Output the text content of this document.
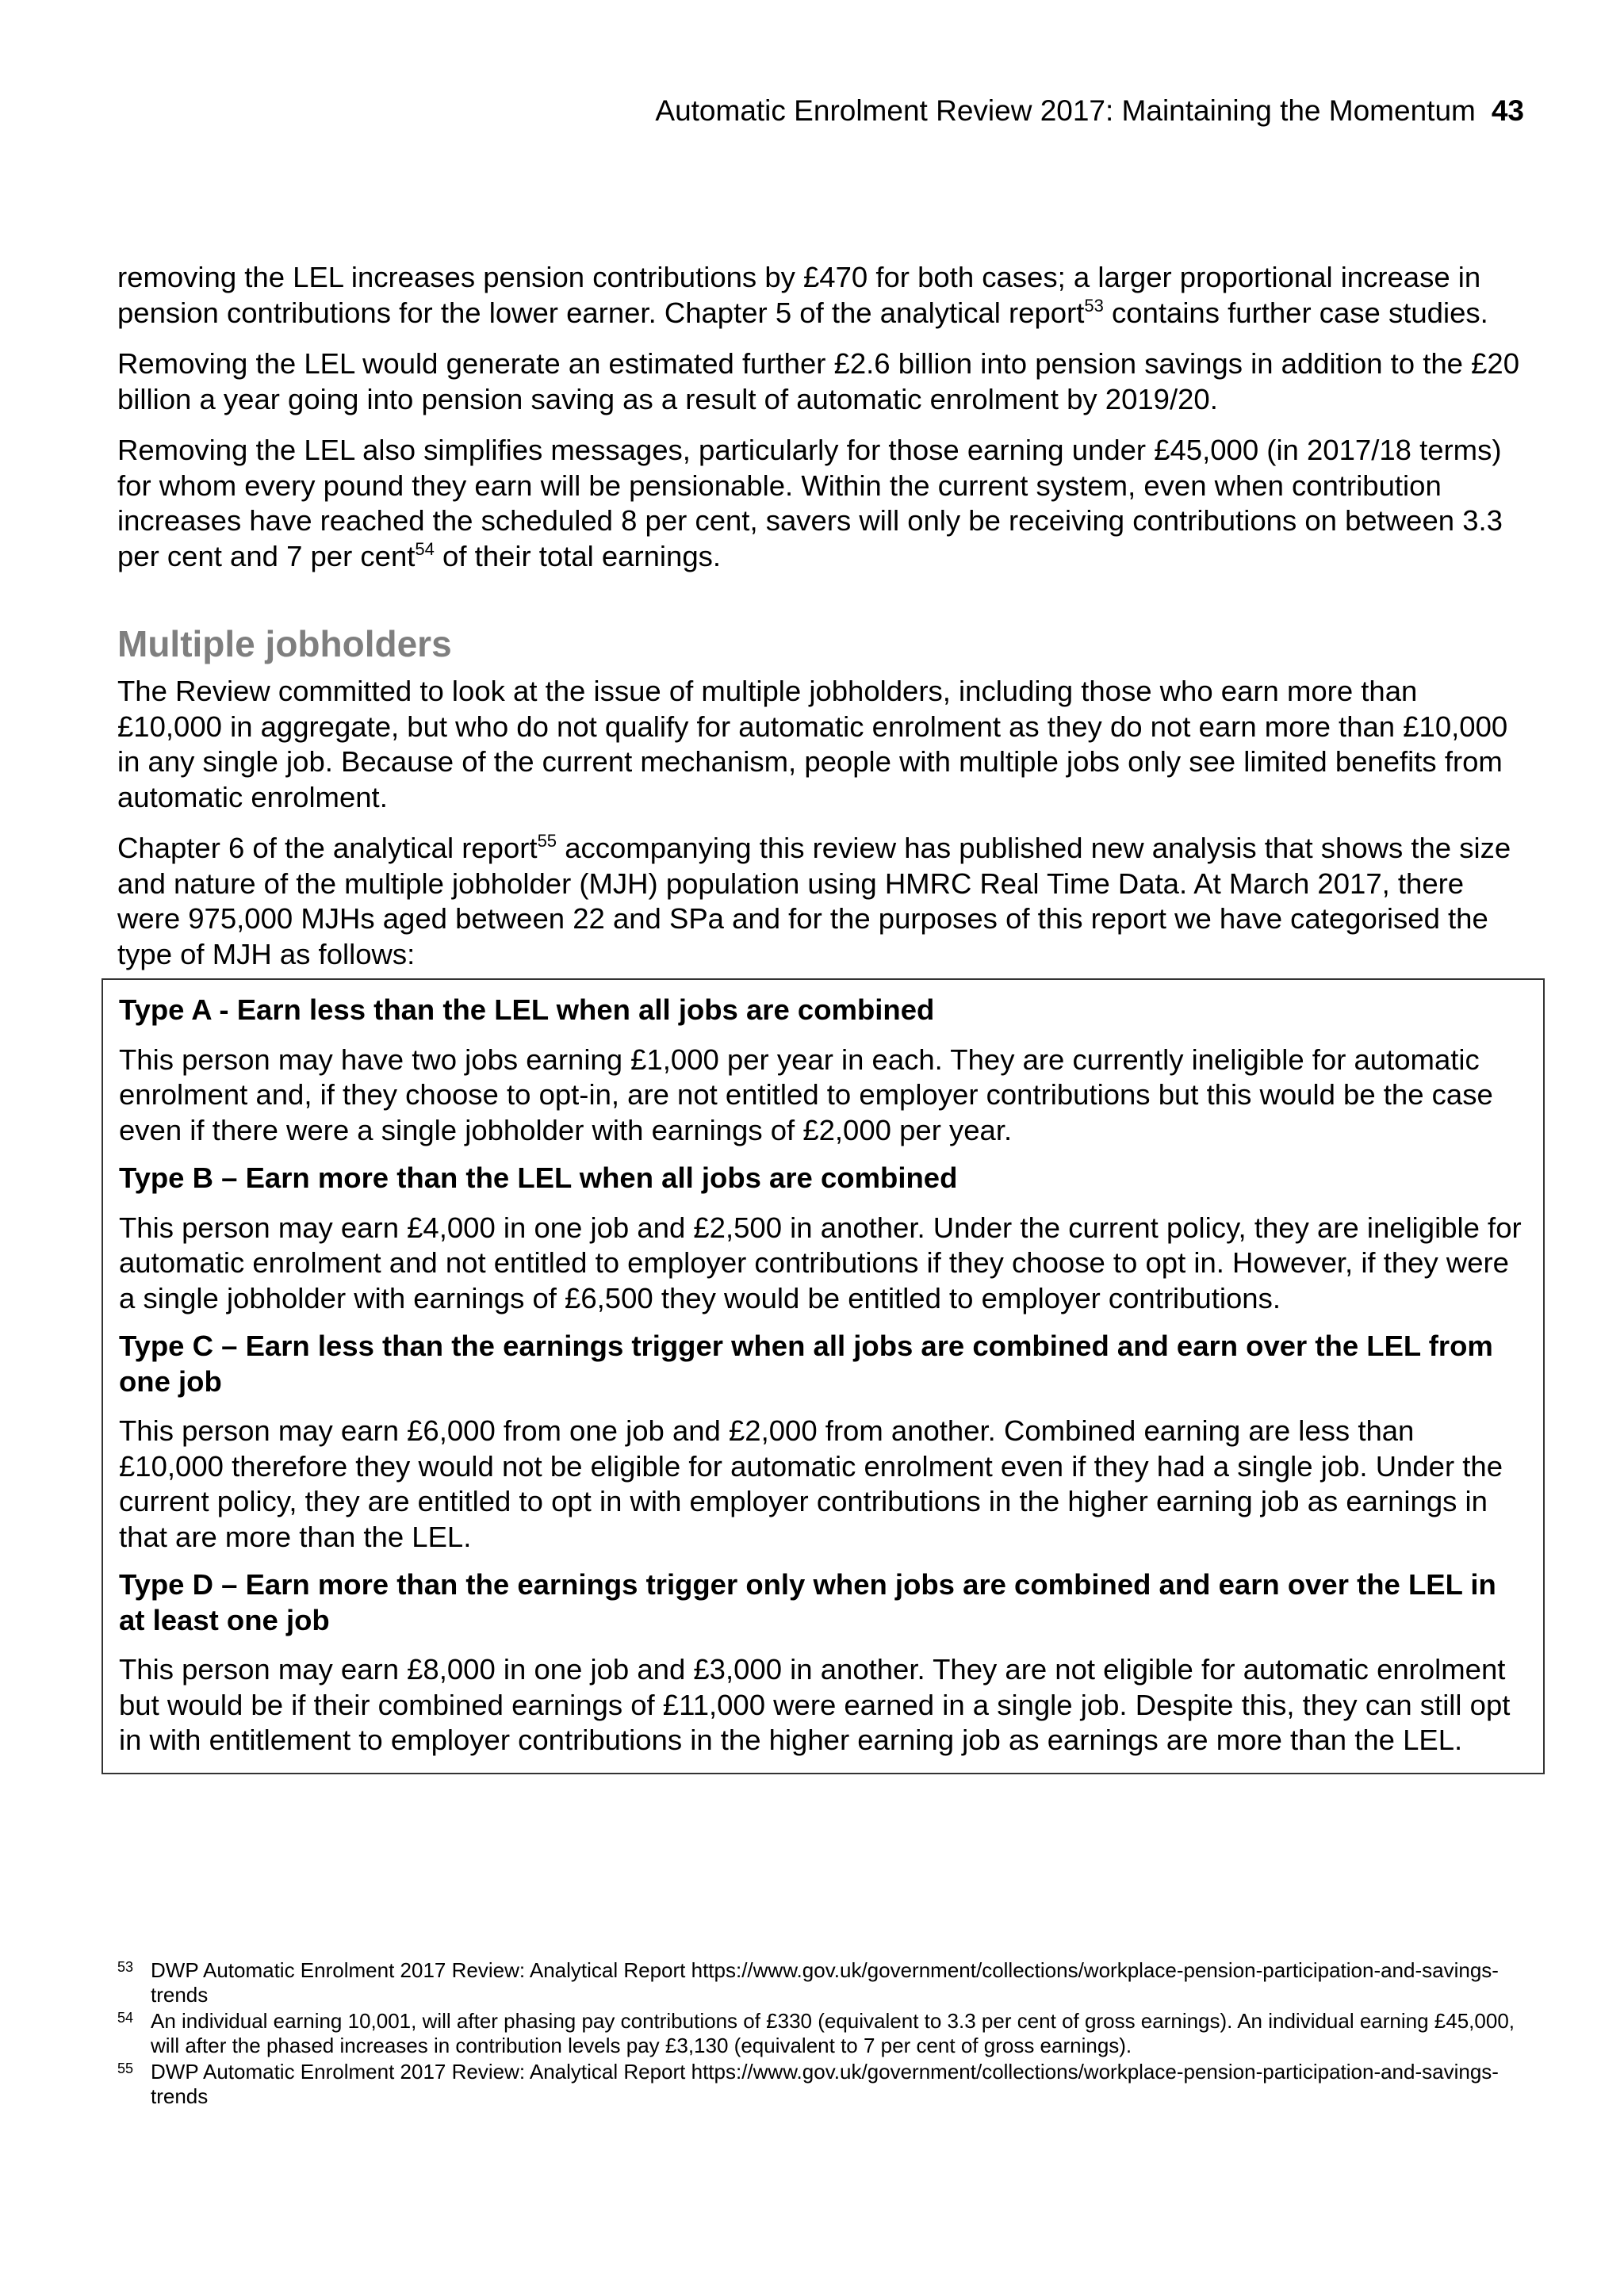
Automatic Enrolment Review 2017: Maintaining the Momentum 43

removing the LEL increases pension contributions by £470 for both cases; a larger proportional increase in pension contributions for the lower earner. Chapter 5 of the analytical report$^{53}$ contains further case studies.

Removing the LEL would generate an estimated further £2.6 billion into pension savings in addition to the £20 billion a year going into pension saving as a result of automatic enrolment by 2019/20.

Removing the LEL also simplifies messages, particularly for those earning under £45,000 (in 2017/18 terms) for whom every pound they earn will be pensionable. Within the current system, even when contribution increases have reached the scheduled 8 per cent, savers will only be receiving contributions on between 3.3 per cent and 7 per cent$^{54}$ of their total earnings.

Multiple jobholders

The Review committed to look at the issue of multiple jobholders, including those who earn more than £10,000 in aggregate, but who do not qualify for automatic enrolment as they do not earn more than £10,000 in any single job. Because of the current mechanism, people with multiple jobs only see limited benefits from automatic enrolment.

Chapter 6 of the analytical report$^{55}$ accompanying this review has published new analysis that shows the size and nature of the multiple jobholder (MJH) population using HMRC Real Time Data. At March 2017, there were 975,000 MJHs aged between 22 and SPa and for the purposes of this report we have categorised the type of MJH as follows:

Type A - Earn less than the LEL when all jobs are combined

This person may have two jobs earning £1,000 per year in each. They are currently ineligible for automatic enrolment and, if they choose to opt-in, are not entitled to employer contributions but this would be the case even if there were a single jobholder with earnings of £2,000 per year.

Type B – Earn more than the LEL when all jobs are combined

This person may earn £4,000 in one job and £2,500 in another. Under the current policy, they are ineligible for automatic enrolment and not entitled to employer contributions if they choose to opt in. However, if they were a single jobholder with earnings of £6,500 they would be entitled to employer contributions.

Type C – Earn less than the earnings trigger when all jobs are combined and earn over the LEL from one job

This person may earn £6,000 from one job and £2,000 from another. Combined earning are less than £10,000 therefore they would not be eligible for automatic enrolment even if they had a single job. Under the current policy, they are entitled to opt in with employer contributions in the higher earning job as earnings in that are more than the LEL.

Type D – Earn more than the earnings trigger only when jobs are combined and earn over the LEL in at least one job

This person may earn £8,000 in one job and £3,000 in another. They are not eligible for automatic enrolment but would be if their combined earnings of £11,000 were earned in a single job. Despite this, they can still opt in with entitlement to employer contributions in the higher earning job as earnings are more than the LEL.

53 DWP Automatic Enrolment 2017 Review: Analytical Report https://www.gov.uk/government/collections/workplace-pension-participation-and-savings-trends
54 An individual earning 10,001, will after phasing pay contributions of £330 (equivalent to 3.3 per cent of gross earnings). An individual earning £45,000, will after the phased increases in contribution levels pay £3,130 (equivalent to 7 per cent of gross earnings).
55 DWP Automatic Enrolment 2017 Review: Analytical Report https://www.gov.uk/government/collections/workplace-pension-participation-and-savings-trends
